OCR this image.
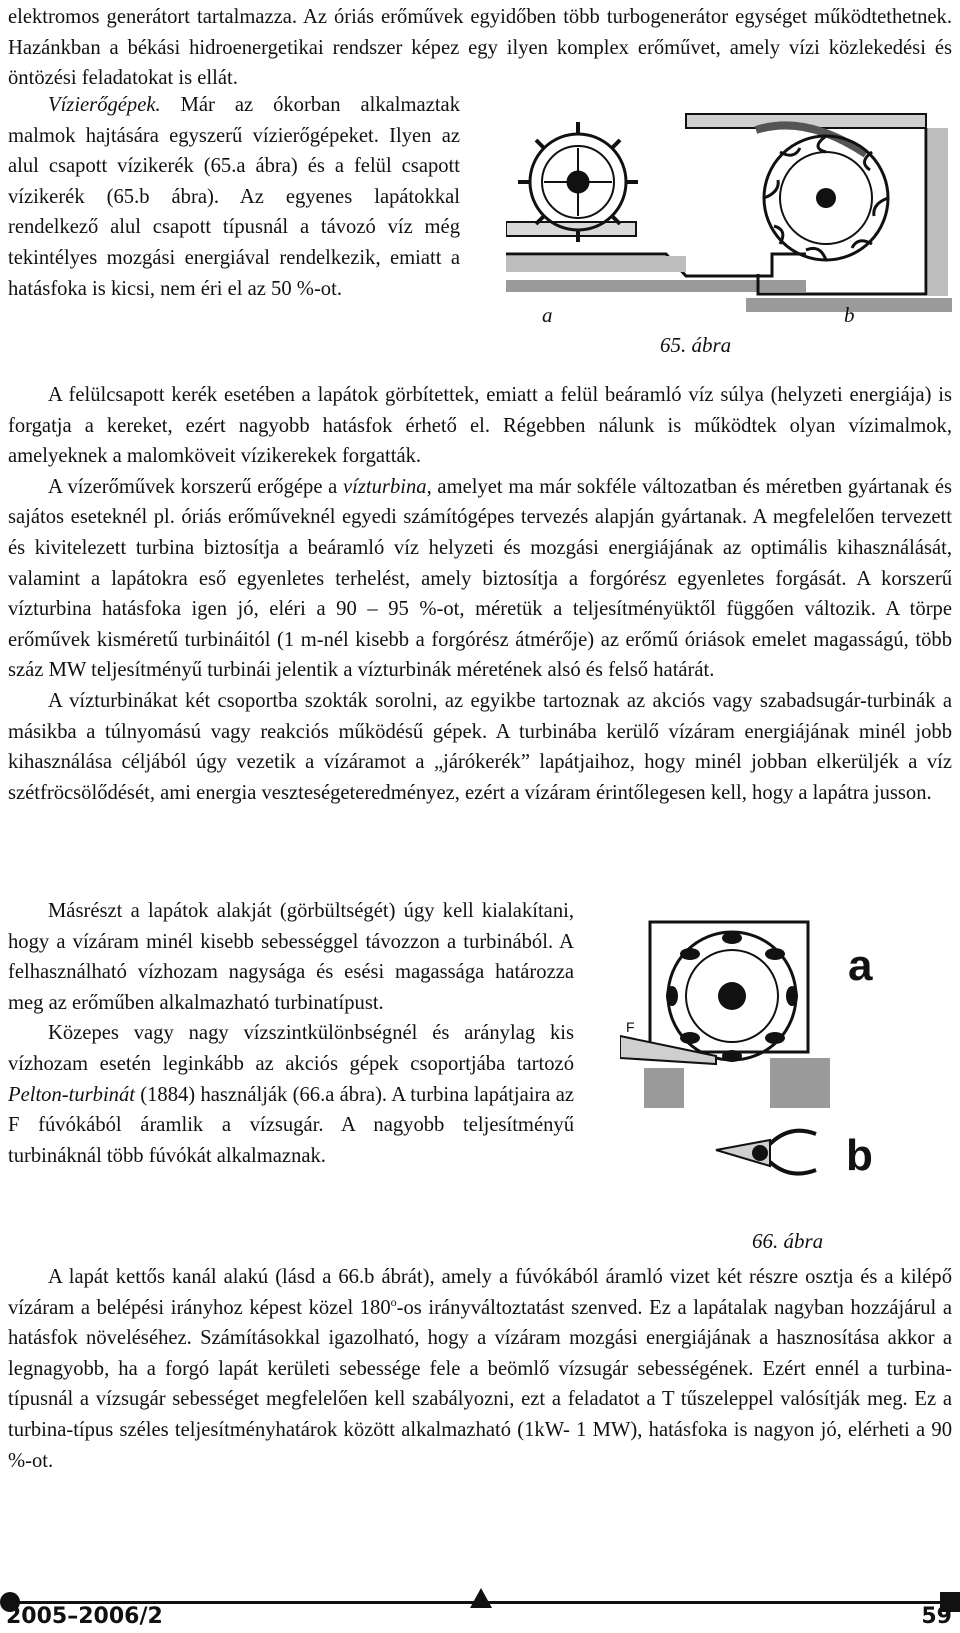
elektromos generátort tartalmazza. Az óriás erőművek egyidőben több turbogenerátor egységet működtethetnek. Hazánkban a békási hidroenergetikai rendszer képez egy ilyen komplex erőművet, amely vízi közlekedési és öntözési feladatokat is ellát.

Vízierőgépek. Már az ókorban alkalmaztak malmok hajtására egyszerű vízierőgépeket. Ilyen az alul csapott vízikerék (65.a ábra) és a felül csapott vízikerék (65.b ábra). Az egyenes lapátokkal rendelkező alul csapott típusnál a távozó víz még tekintélyes mozgási energiával rendelkezik, emiatt a hatásfoka is kicsi, nem éri el az 50 %-ot.

a	b
65. ábra

A felülcsapott kerék esetében a lapátok görbítettek, emiatt a felül beáramló víz súlya (helyzeti energiája) is forgatja a kereket, ezért nagyobb hatásfok érhető el. Régebben nálunk is működtek olyan vízimalmok, amelyeknek a malomköveit vízikerekek forgatták.

A vízerőművek korszerű erőgépe a vízturbina, amelyet ma már sokféle változatban és méretben gyártanak és sajátos eseteknél pl. óriás erőműveknél egyedi számítógépes tervezés alapján gyártanak. A megfelelően tervezett és kivitelezett turbina biztosítja a beáramló víz helyzeti és mozgási energiájának az optimális kihasználását, valamint a lapátokra eső egyenletes terhelést, amely biztosítja a forgórész egyenletes forgását. A korszerű vízturbina hatásfoka igen jó, eléri a 90 – 95 %-ot, méretük a teljesítményüktől függően változik. A törpe erőművek kisméretű turbináitól (1 m-nél kisebb a forgórész átmérője) az erőmű óriások emelet magasságú, több száz MW teljesítményű turbinái jelentik a vízturbinák méretének alsó és felső határát.

A vízturbinákat két csoportba szokták sorolni, az egyikbe tartoznak az akciós vagy szabadsugár-turbinák a másikba a túlnyomású vagy reakciós működésű gépek. A turbinába kerülő vízáram energiájának minél jobb kihasználása céljából úgy vezetik a vízáramot a „járókerék” lapátjaihoz, hogy minél jobban elkerüljék a víz szétfröcsölődését, ami energia veszteségeteredményez, ezért a vízáram érintőlegesen kell, hogy a lapátra jusson.

Másrészt a lapátok alakját (görbültségét) úgy kell kialakítani, hogy a vízáram minél kisebb sebességgel távozzon a turbinából. A felhasználható vízhozam nagysága és esési magassága határozza meg az erőműben alkalmazható turbinatípust.

Közepes vagy nagy vízszintkülönbségnél és aránylag kis vízhozam esetén leginkább az akciós gépek csoportjába tartozó Pelton-turbinát (1884) használják (66.a ábra). A turbina lapátjaira az F fúvókából áramlik a vízsugár. A nagyobb teljesítményű turbináknál több fúvókát alkalmaznak.

a
F
b
66. ábra

A lapát kettős kanál alakú (lásd a 66.b ábrát), amely a fúvókából áramló vizet két részre osztja és a kilépő vízáram a belépési irányhoz képest közel 180$^o$-os irányváltoztatást szenved. Ez a lapátalak nagyban hozzájárul a hatásfok növeléséhez. Számításokkal igazolható, hogy a vízáram mozgási energiájának a hasznosítása akkor a legnagyobb, ha a forgó lapát kerületi sebessége fele a beömlő vízsugár sebességének. Ezért ennél a turbina-típusnál a vízsugár sebességet megfelelően kell szabályozni, ezt a feladatot a T tűszeleppel valósítják meg. Ez a turbina-típus széles teljesítményhatárok között alkalmazható (1kW- 1 MW), hatásfoka is nagyon jó, elérheti a 90 %-ot.

2005–2006/2	59
